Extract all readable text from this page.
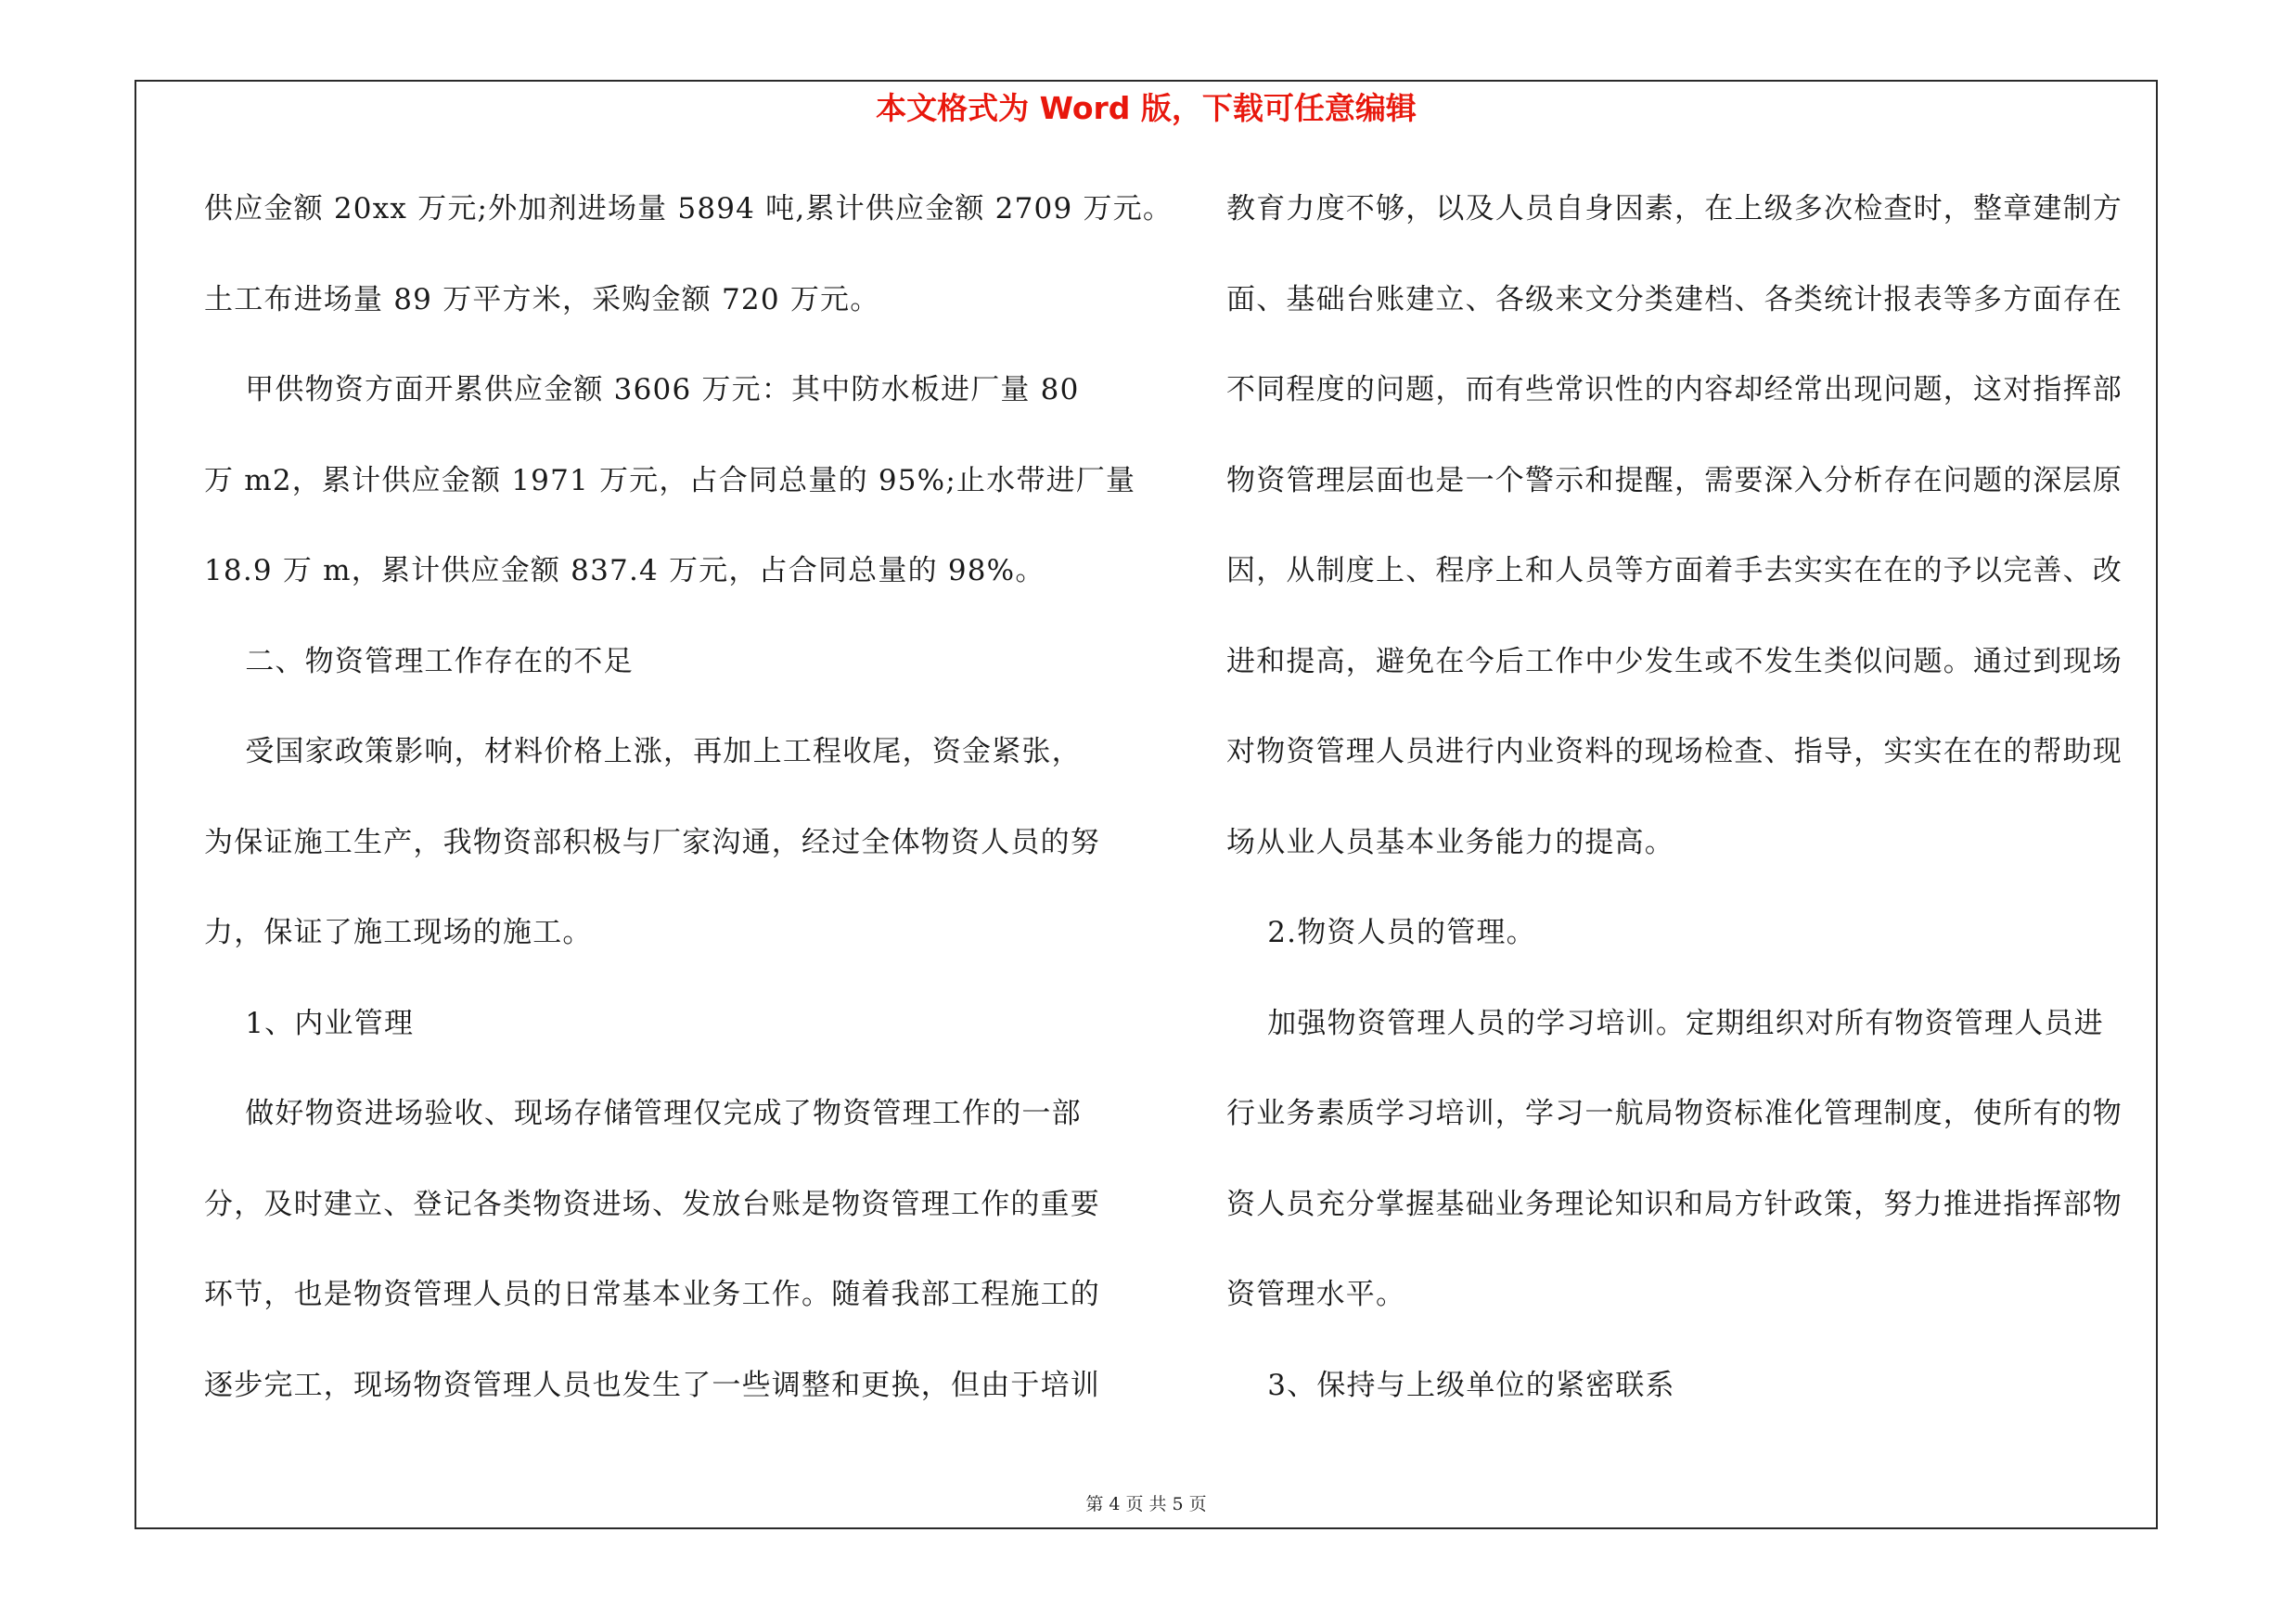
本文格式为 Word 版，下载可任意编辑

供应金额 20xx 万元;外加剂进场量 5894 吨,累计供应金额 2709 万元。

土工布进场量 89 万平方米，采购金额 720 万元。

甲供物资方面开累供应金额 3606 万元：其中防水板进厂量 80

万 m2，累计供应金额 1971 万元，占合同总量的 95%;止水带进厂量

18.9 万 m，累计供应金额 837.4 万元，占合同总量的 98%。

二、物资管理工作存在的不足

受国家政策影响，材料价格上涨，再加上工程收尾，资金紧张，

为保证施工生产，我物资部积极与厂家沟通，经过全体物资人员的努

力，保证了施工现场的施工。

1、内业管理

做好物资进场验收、现场存储管理仅完成了物资管理工作的一部

分，及时建立、登记各类物资进场、发放台账是物资管理工作的重要

环节，也是物资管理人员的日常基本业务工作。随着我部工程施工的

逐步完工，现场物资管理人员也发生了一些调整和更换，但由于培训

教育力度不够，以及人员自身因素，在上级多次检查时，整章建制方

面、基础台账建立、各级来文分类建档、各类统计报表等多方面存在

不同程度的问题，而有些常识性的内容却经常出现问题，这对指挥部

物资管理层面也是一个警示和提醒，需要深入分析存在问题的深层原

因，从制度上、程序上和人员等方面着手去实实在在的予以完善、改

进和提高，避免在今后工作中少发生或不发生类似问题。通过到现场

对物资管理人员进行内业资料的现场检查、指导，实实在在的帮助现

场从业人员基本业务能力的提高。

2.物资人员的管理。

加强物资管理人员的学习培训。定期组织对所有物资管理人员进

行业务素质学习培训，学习一航局物资标准化管理制度，使所有的物

资人员充分掌握基础业务理论知识和局方针政策，努力推进指挥部物

资管理水平。

3、保持与上级单位的紧密联系

第 4 页 共 5 页
